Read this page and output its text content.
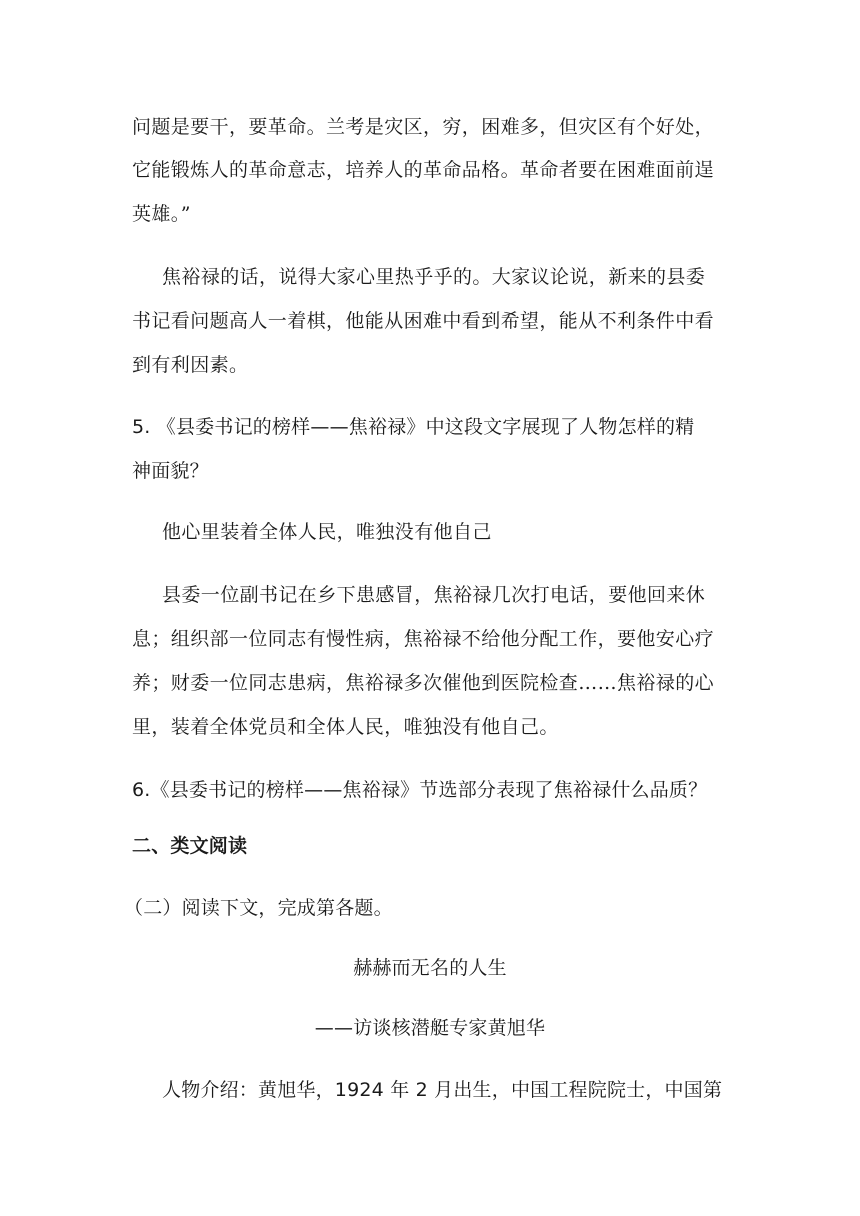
问题是要干，要革命。兰考是灾区，穷，困难多，但灾区有个好处，
它能锻炼人的革命意志，培养人的革命品格。革命者要在困难面前逞
英雄。”
焦裕禄的话，说得大家心里热乎乎的。大家议论说，新来的县委
书记看问题高人一着棋，他能从困难中看到希望，能从不利条件中看
到有利因素。
5. 《县委书记的榜样——焦裕禄》中这段文字展现了人物怎样的精
神面貌？
他心里装着全体人民，唯独没有他自己
县委一位副书记在乡下患感冒，焦裕禄几次打电话，要他回来休
息；组织部一位同志有慢性病，焦裕禄不给他分配工作，要他安心疗
养；财委一位同志患病，焦裕禄多次催他到医院检查……焦裕禄的心
里，装着全体党员和全体人民，唯独没有他自己。
6.《县委书记的榜样——焦裕禄》节选部分表现了焦裕禄什么品质？
二、类文阅读
（二）阅读下文，完成第各题。
赫赫而无名的人生
——访谈核潜艇专家黄旭华
人物介绍：黄旭华，1924 年 2 月出生，中国工程院院士，中国第
